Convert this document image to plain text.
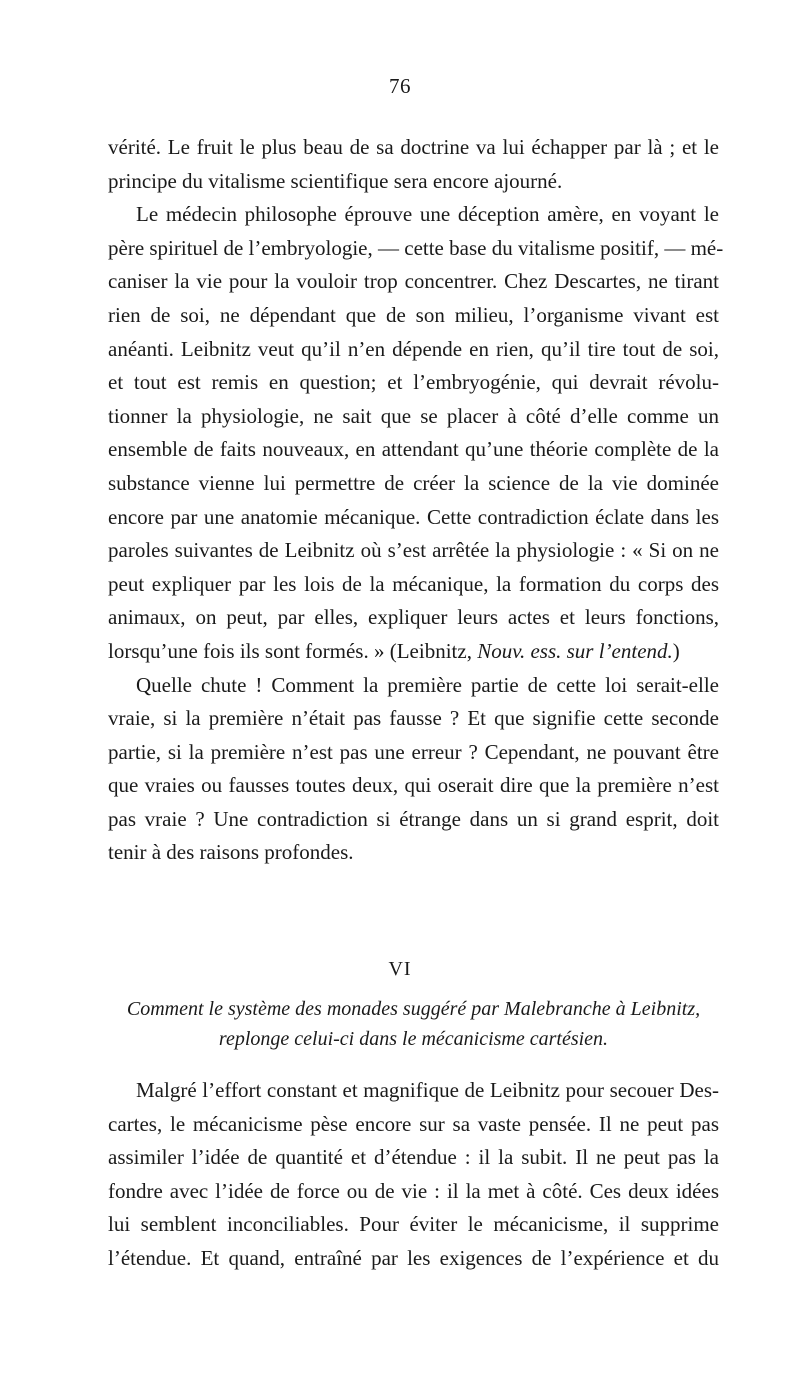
76
vérité. Le fruit le plus beau de sa doctrine va lui échapper par là ; et le
principe du vitalisme scientifique sera encore ajourné.
Le médecin philosophe éprouve une déception amère, en voyant le
père spirituel de l’embryologie, — cette base du vitalisme positif, — mé-
caniser la vie pour la vouloir trop concentrer. Chez Descartes, ne tirant
rien de soi, ne dépendant que de son milieu, l’organisme vivant est
anéanti. Leibnitz veut qu’il n’en dépende en rien, qu’il tire tout de soi,
et tout est remis en question; et l’embryogénie, qui devrait révolu-
tionner la physiologie, ne sait que se placer à côté d’elle comme un
ensemble de faits nouveaux, en attendant qu’une théorie complète de la
substance vienne lui permettre de créer la science de la vie dominée
encore par une anatomie mécanique. Cette contradiction éclate dans les
paroles suivantes de Leibnitz où s’est arrêtée la physiologie : « Si on ne
peut expliquer par les lois de la mécanique, la formation du corps des
animaux, on peut, par elles, expliquer leurs actes et leurs fonctions,
lorsqu’une fois ils sont formés. » (Leibnitz, Nouv. ess. sur l’entend.)
Quelle chute ! Comment la première partie de cette loi serait-elle
vraie, si la première n’était pas fausse ? Et que signifie cette seconde
partie, si la première n’est pas une erreur ? Cependant, ne pouvant être
que vraies ou fausses toutes deux, qui oserait dire que la première n’est
pas vraie ? Une contradiction si étrange dans un si grand esprit, doit
tenir à des raisons profondes.
VI
Comment le système des monades suggéré par Malebranche à Leibnitz,
replonge celui-ci dans le mécanicisme cartésien.
Malgré l’effort constant et magnifique de Leibnitz pour secouer Des-
cartes, le mécanicisme pèse encore sur sa vaste pensée. Il ne peut pas
assimiler l’idée de quantité et d’étendue : il la subit. Il ne peut pas la
fondre avec l’idée de force ou de vie : il la met à côté. Ces deux idées
lui semblent inconciliables. Pour éviter le mécanicisme, il supprime
l’étendue. Et quand, entraîné par les exigences de l’expérience et du
